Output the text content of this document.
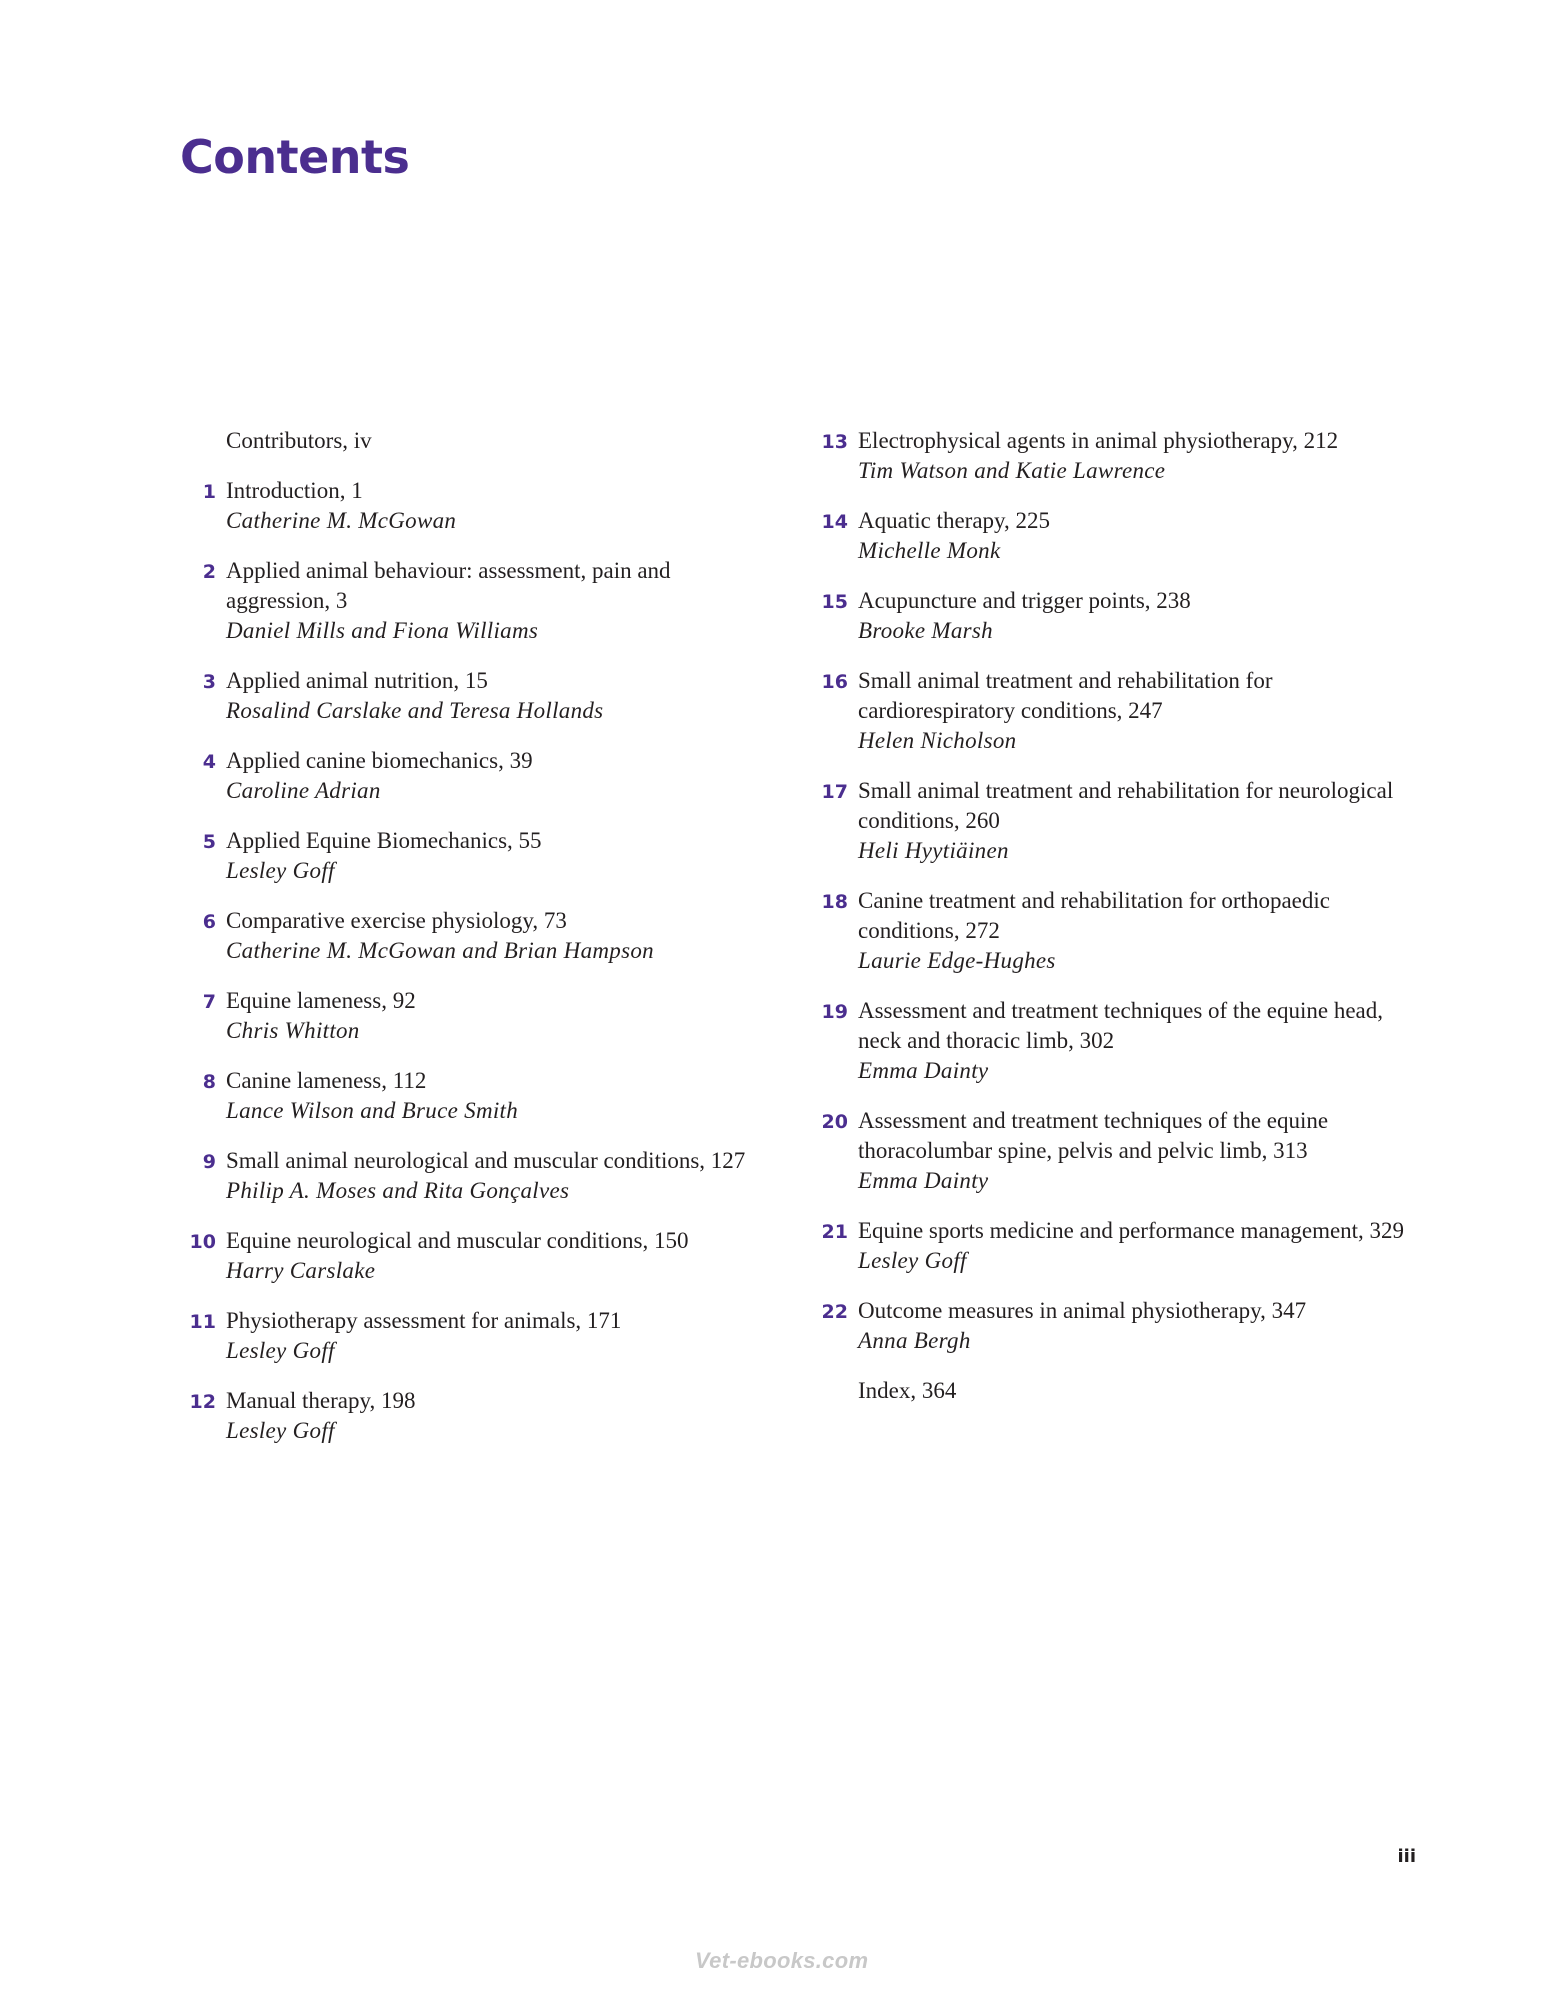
Contents
Contributors, iv
1 Introduction, 1
Catherine M. McGowan
2 Applied animal behaviour: assessment, pain and aggression, 3
Daniel Mills and Fiona Williams
3 Applied animal nutrition, 15
Rosalind Carslake and Teresa Hollands
4 Applied canine biomechanics, 39
Caroline Adrian
5 Applied Equine Biomechanics, 55
Lesley Goff
6 Comparative exercise physiology, 73
Catherine M. McGowan and Brian Hampson
7 Equine lameness, 92
Chris Whitton
8 Canine lameness, 112
Lance Wilson and Bruce Smith
9 Small animal neurological and muscular conditions, 127
Philip A. Moses and Rita Gonçalves
10 Equine neurological and muscular conditions, 150
Harry Carslake
11 Physiotherapy assessment for animals, 171
Lesley Goff
12 Manual therapy, 198
Lesley Goff
13 Electrophysical agents in animal physiotherapy, 212
Tim Watson and Katie Lawrence
14 Aquatic therapy, 225
Michelle Monk
15 Acupuncture and trigger points, 238
Brooke Marsh
16 Small animal treatment and rehabilitation for cardiorespiratory conditions, 247
Helen Nicholson
17 Small animal treatment and rehabilitation for neurological conditions, 260
Heli Hyytiäinen
18 Canine treatment and rehabilitation for orthopaedic conditions, 272
Laurie Edge-Hughes
19 Assessment and treatment techniques of the equine head, neck and thoracic limb, 302
Emma Dainty
20 Assessment and treatment techniques of the equine thoracolumbar spine, pelvis and pelvic limb, 313
Emma Dainty
21 Equine sports medicine and performance management, 329
Lesley Goff
22 Outcome measures in animal physiotherapy, 347
Anna Bergh
Index, 364
iii
Vet-ebooks.com
